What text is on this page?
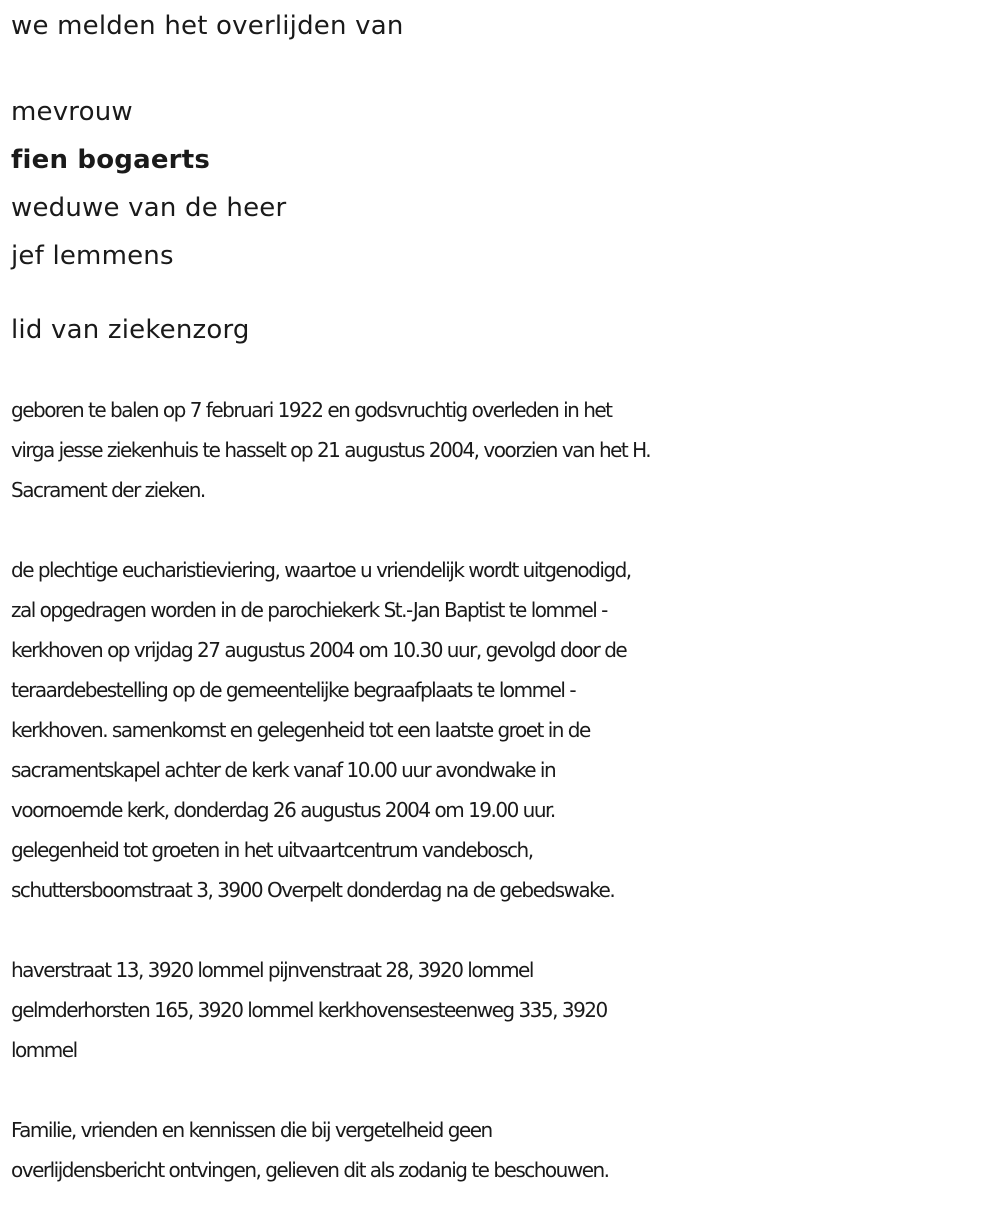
we melden het overlijden van
mevrouw
fien bogaerts
weduwe van de heer
jef lemmens
lid van ziekenzorg
geboren te balen op 7 februari 1922 en godsvruchtig overleden in het
virga jesse ziekenhuis te hasselt op 21 augustus 2004, voorzien van het H.
Sacrament der zieken.
de plechtige eucharistieviering, waartoe u vriendelijk wordt uitgenodigd,
zal opgedragen worden in de parochiekerk St.-Jan Baptist te lommel -
kerkhoven op vrijdag 27 augustus 2004 om 10.30 uur, gevolgd door de
teraardebestelling op de gemeentelijke begraafplaats te lommel -
kerkhoven. samenkomst en gelegenheid tot een laatste groet in de
sacramentskapel achter de kerk vanaf 10.00 uur avondwake in
voornoemde kerk, donderdag 26 augustus 2004 om 19.00 uur.
gelegenheid tot groeten in het uitvaartcentrum vandebosch,
schuttersboomstraat 3, 3900 Overpelt donderdag na de gebedswake.
haverstraat 13, 3920 lommel pijnvenstraat 28, 3920 lommel
gelmderhorsten 165, 3920 lommel kerkhovensesteenweg 335, 3920
lommel
Familie, vrienden en kennissen die bij vergetelheid geen
overlijdensbericht ontvingen, gelieven dit als zodanig te beschouwen.
